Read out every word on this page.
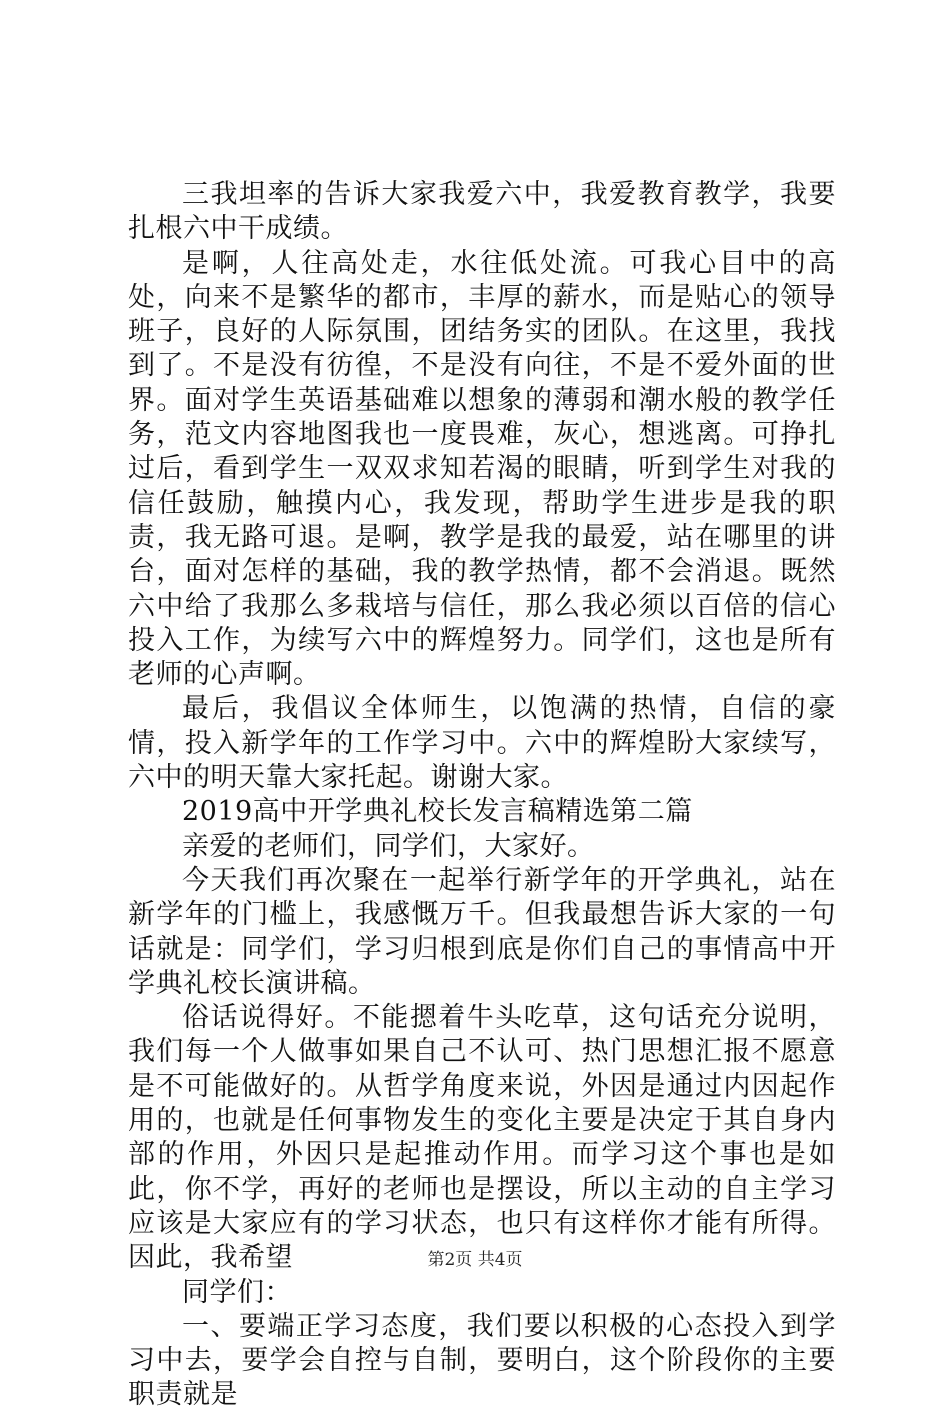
三我坦率的告诉大家我爱六中，我爱教育教学，我要扎根六中干成绩。

是啊，人往高处走，水往低处流。可我心目中的高处，向来不是繁华的都市，丰厚的薪水，而是贴心的领导班子，良好的人际氛围，团结务实的团队。在这里，我找到了。不是没有彷徨，不是没有向往，不是不爱外面的世界。面对学生英语基础难以想象的薄弱和潮水般的教学任务，范文内容地图我也一度畏难，灰心，想逃离。可挣扎过后，看到学生一双双求知若渴的眼睛，听到学生对我的信任鼓励，触摸内心，我发现，帮助学生进步是我的职责，我无路可退。是啊，教学是我的最爱，站在哪里的讲台，面对怎样的基础，我的教学热情，都不会消退。既然六中给了我那么多栽培与信任，那么我必须以百倍的信心投入工作，为续写六中的辉煌努力。同学们，这也是所有老师的心声啊。

最后，我倡议全体师生，以饱满的热情，自信的豪情，投入新学年的工作学习中。六中的辉煌盼大家续写，六中的明天靠大家托起。谢谢大家。

2019高中开学典礼校长发言稿精选第二篇

亲爱的老师们，同学们，大家好。

今天我们再次聚在一起举行新学年的开学典礼，站在新学年的门槛上，我感慨万千。但我最想告诉大家的一句话就是：同学们，学习归根到底是你们自己的事情高中开学典礼校长演讲稿。

俗话说得好。不能摁着牛头吃草，这句话充分说明，我们每一个人做事如果自己不认可、热门思想汇报不愿意是不可能做好的。从哲学角度来说，外因是通过内因起作用的，也就是任何事物发生的变化主要是决定于其自身内部的作用，外因只是起推动作用。而学习这个事也是如此，你不学，再好的老师也是摆设，所以主动的自主学习应该是大家应有的学习状态，也只有这样你才能有所得。因此，我希望

同学们：

一、要端正学习态度，我们要以积极的心态投入到学习中去，要学会自控与自制，要明白，这个阶段你的主要职责就是

第2页 共4页
